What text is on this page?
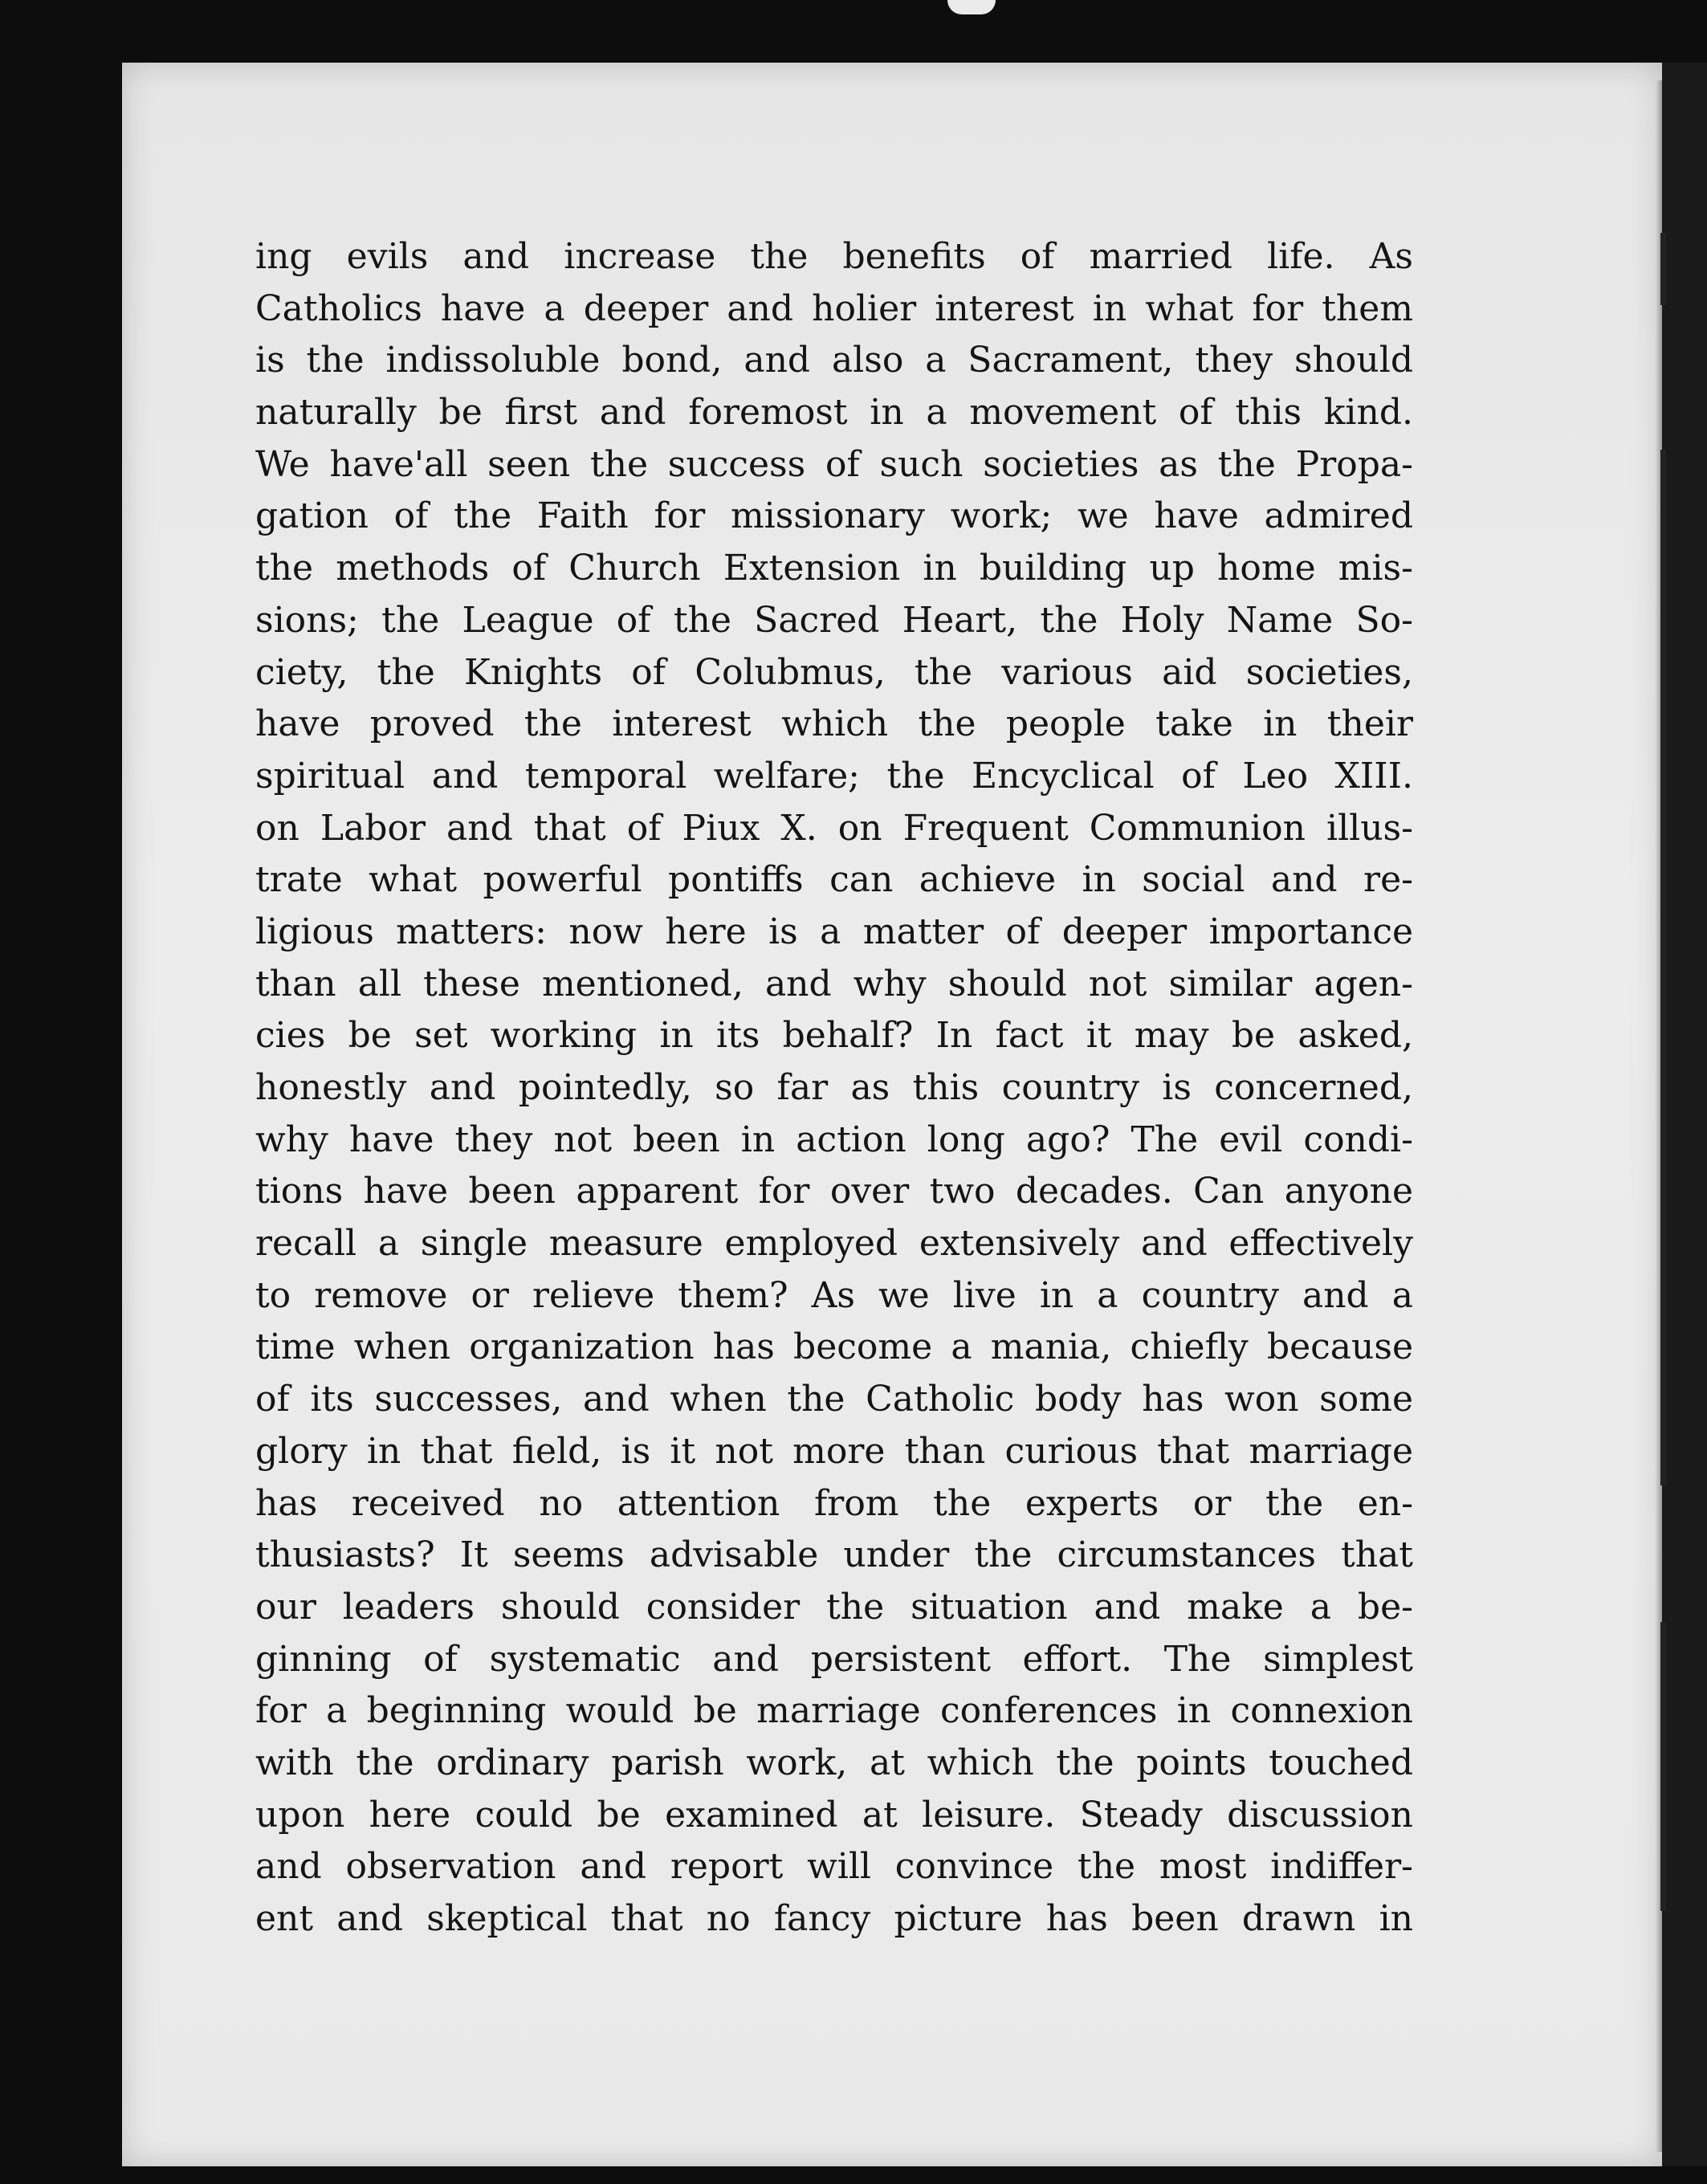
ing evils and increase the benefits of married life. As
Catholics have a deeper and holier interest in what for them
is the indissoluble bond, and also a Sacrament, they should
naturally be first and foremost in a movement of this kind.
We have'all seen the success of such societies as the Propa-
gation of the Faith for missionary work; we have admired
the methods of Church Extension in building up home mis-
sions; the League of the Sacred Heart, the Holy Name So-
ciety, the Knights of Colubmus, the various aid societies,
have proved the interest which the people take in their
spiritual and temporal welfare; the Encyclical of Leo XIII.
on Labor and that of Piux X. on Frequent Communion illus-
trate what powerful pontiffs can achieve in social and re-
ligious matters: now here is a matter of deeper importance
than all these mentioned, and why should not similar agen-
cies be set working in its behalf? In fact it may be asked,
honestly and pointedly, so far as this country is concerned,
why have they not been in action long ago? The evil condi-
tions have been apparent for over two decades. Can anyone
recall a single measure employed extensively and effectively
to remove or relieve them? As we live in a country and a
time when organization has become a mania, chiefly because
of its successes, and when the Catholic body has won some
glory in that field, is it not more than curious that marriage
has received no attention from the experts or the en-
thusiasts? It seems advisable under the circumstances that
our leaders should consider the situation and make a be-
ginning of systematic and persistent effort. The simplest
for a beginning would be marriage conferences in connexion
with the ordinary parish work, at which the points touched
upon here could be examined at leisure. Steady discussion
and observation and report will convince the most indiffer-
ent and skeptical that no fancy picture has been drawn in
